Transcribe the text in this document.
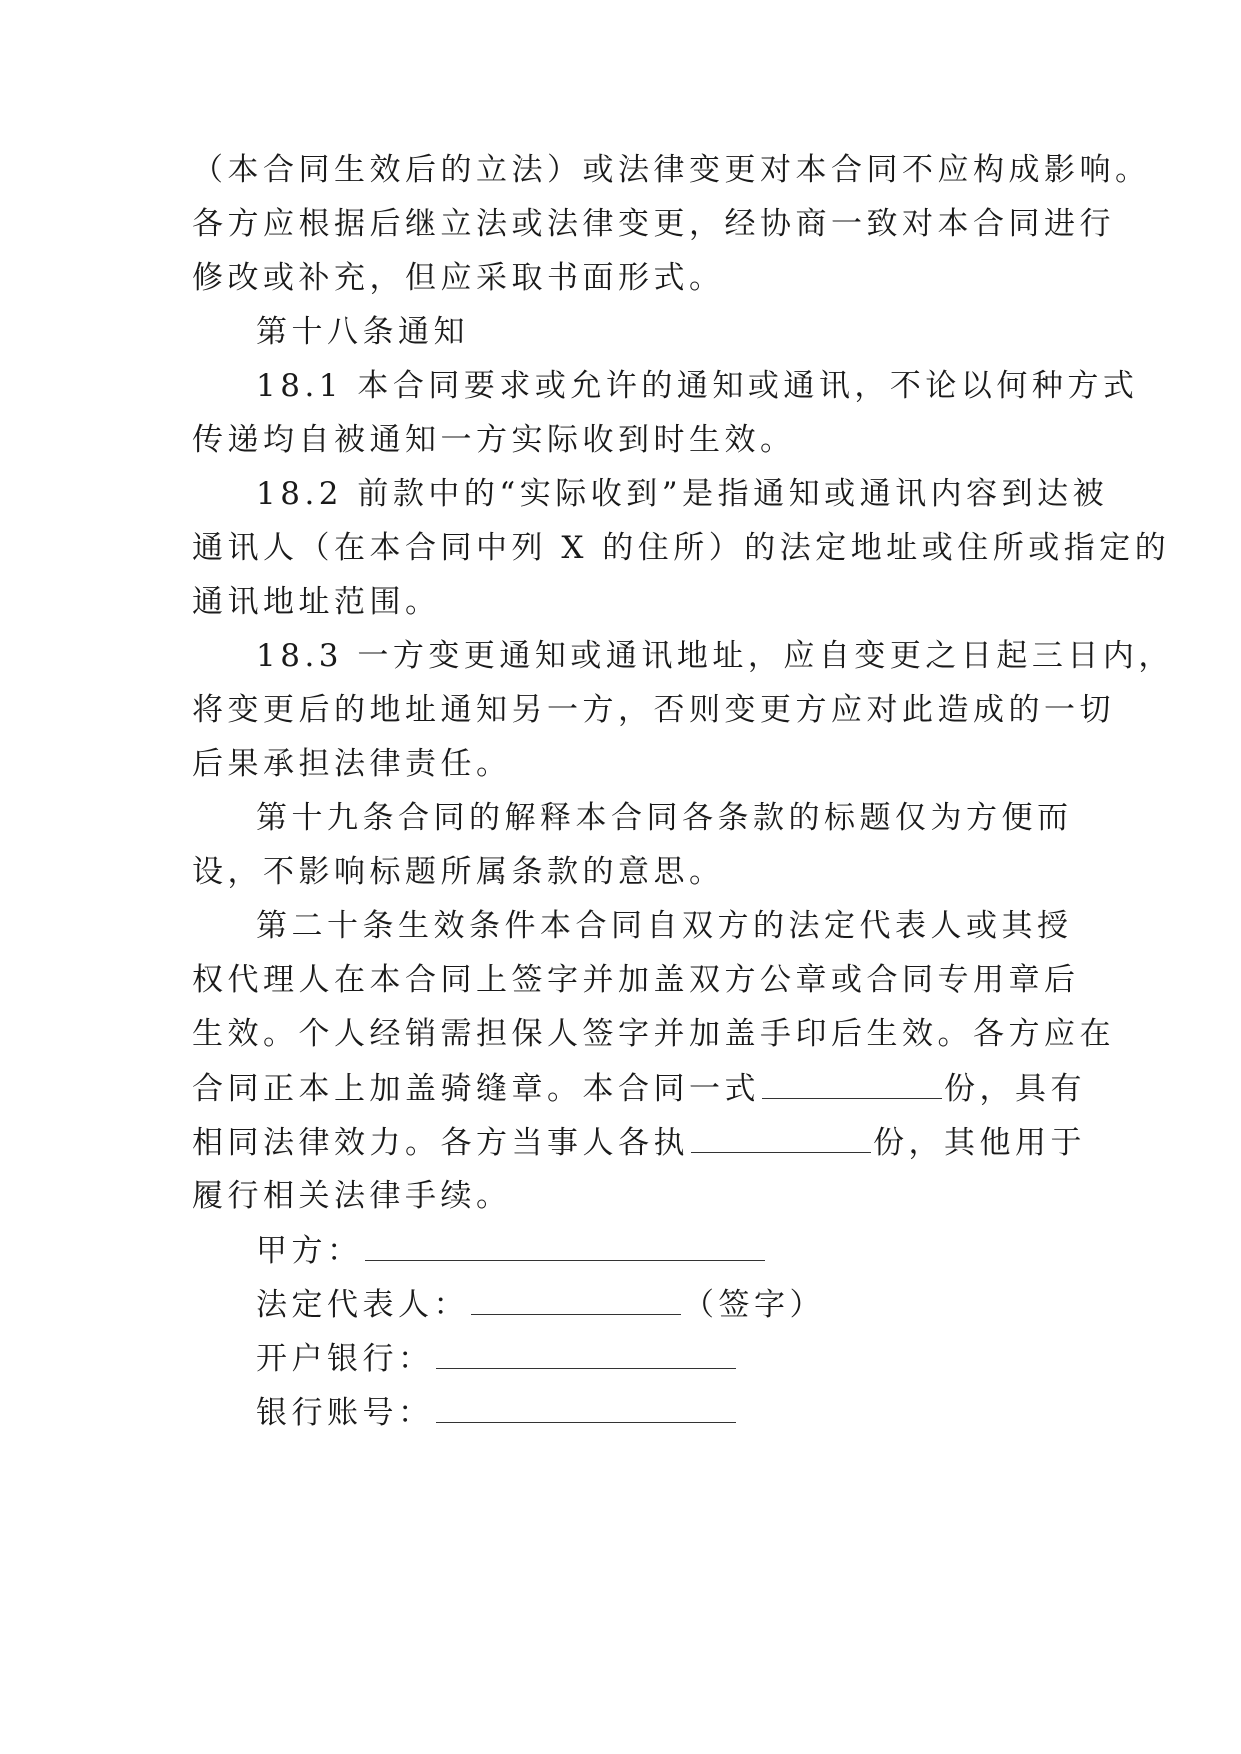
（本合同生效后的立法）或法律变更对本合同不应构成影响。
各方应根据后继立法或法律变更，经协商一致对本合同进行
修改或补充，但应采取书面形式。
第十八条通知
18.1 本合同要求或允许的通知或通讯，不论以何种方式
传递均自被通知一方实际收到时生效。
18.2 前款中的“实际收到”是指通知或通讯内容到达被
通讯人（在本合同中列 X 的住所）的法定地址或住所或指定的
通讯地址范围。
18.3 一方变更通知或通讯地址，应自变更之日起三日内，
将变更后的地址通知另一方，否则变更方应对此造成的一切
后果承担法律责任。
第十九条合同的解释本合同各条款的标题仅为方便而
设，不影响标题所属条款的意思。
第二十条生效条件本合同自双方的法定代表人或其授
权代理人在本合同上签字并加盖双方公章或合同专用章后
生效。个人经销需担保人签字并加盖手印后生效。各方应在
合同正本上加盖骑缝章。本合同一式	份，具有
相同法律效力。各方当事人各执	份，其他用于
履行相关法律手续。
甲方：
法定代表人：	（签字）
开户银行：
银行账号：
